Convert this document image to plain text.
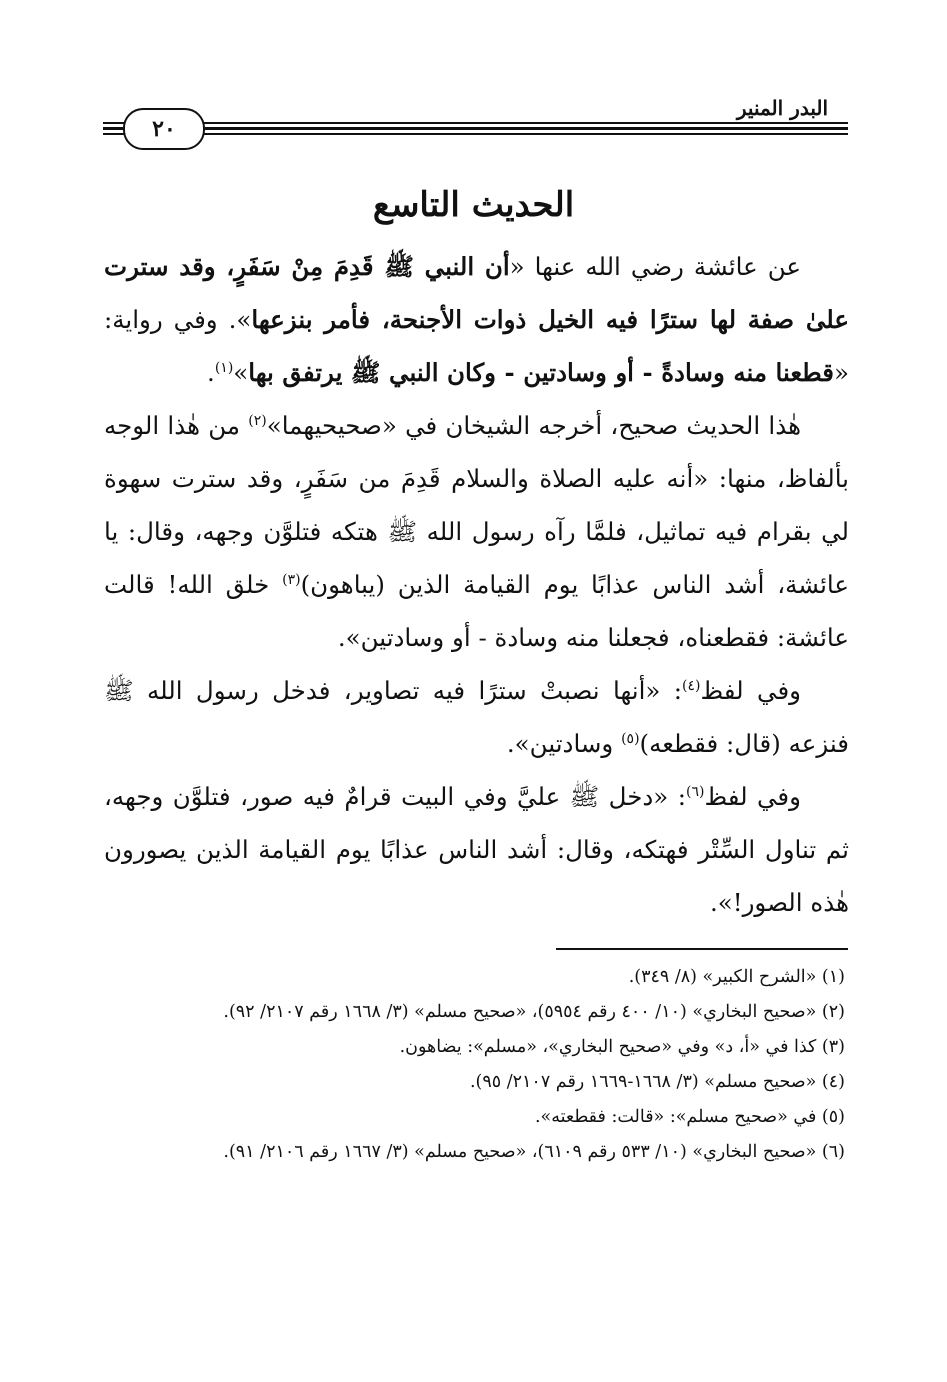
البدر المنير
٢٠
الحديث التاسع

عن عائشة رضي الله عنها «أن النبي ﷺ قَدِمَ مِنْ سَفَرٍ، وقد سترت علىٰ صفة لها سترًا فيه الخيل ذوات الأجنحة، فأمر بنزعها». وفي رواية: «قطعنا منه وسادةً - أو وسادتين - وكان النبي ﷺ يرتفق بها»$^{(١)}$.

هٰذا الحديث صحيح، أخرجه الشيخان في «صحيحيهما»$^{(٢)}$ من هٰذا الوجه بألفاظ، منها: «أنه عليه الصلاة والسلام قَدِمَ من سَفَرٍ، وقد سترت سهوة لي بقرام فيه تماثيل، فلمَّا رآه رسول الله ﷺ هتكه فتلوَّن وجهه، وقال: يا عائشة، أشد الناس عذابًا يوم القيامة الذين (يباهون)$^{(٣)}$ خلق الله! قالت عائشة: فقطعناه، فجعلنا منه وسادة - أو وسادتين».

وفي لفظ$^{(٤)}$: «أنها نصبتْ سترًا فيه تصاوير، فدخل رسول الله ﷺ فنزعه (قال: فقطعه)$^{(٥)}$ وسادتين».

وفي لفظ$^{(٦)}$: «دخل ﷺ عليَّ وفي البيت قرامٌ فيه صور، فتلوَّن وجهه، ثم تناول السِّتْر فهتكه، وقال: أشد الناس عذابًا يوم القيامة الذين يصورون هٰذه الصور!».

(١) «الشرح الكبير» (٨/ ٣٤٩).

(٢) «صحيح البخاري» (١٠/ ٤٠٠ رقم ٥٩٥٤)، «صحيح مسلم» (٣/ ١٦٦٨ رقم ٢١٠٧/ ٩٢).

(٣) كذا في «أ، د» وفي «صحيح البخاري»، «مسلم»: يضاهون.

(٤) «صحيح مسلم» (٣/ ١٦٦٨-١٦٦٩ رقم ٢١٠٧/ ٩٥).

(٥) في «صحيح مسلم»: «قالت: فقطعته».

(٦) «صحيح البخاري» (١٠/ ٥٣٣ رقم ٦١٠٩)، «صحيح مسلم» (٣/ ١٦٦٧ رقم ٢١٠٦/ ٩١).
